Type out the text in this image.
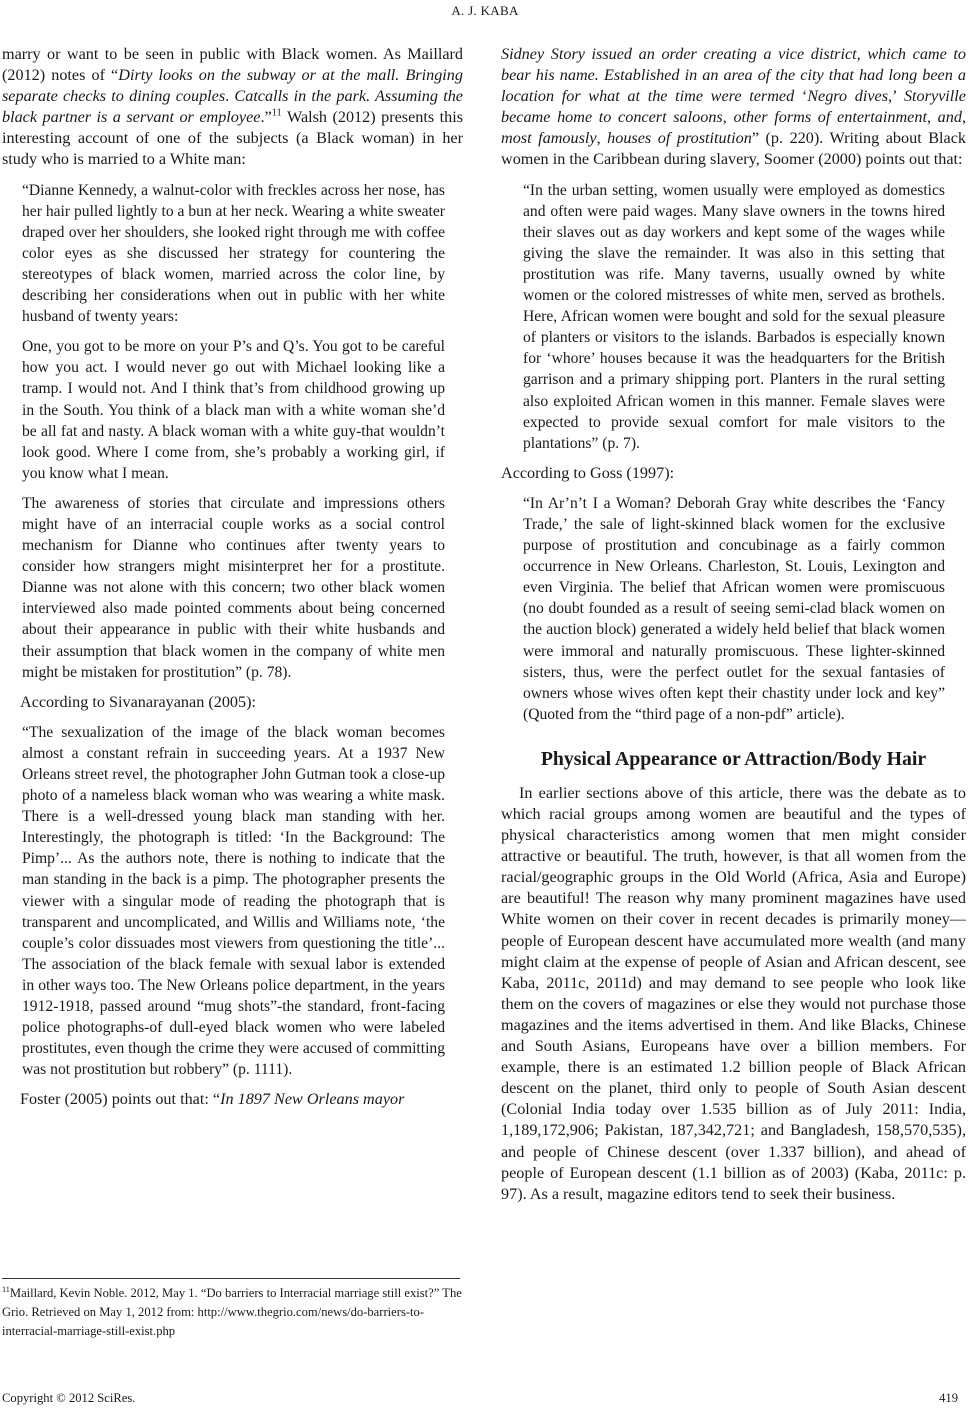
A. J. KABA

marry or want to be seen in public with Black women. As Maillard (2012) notes of “Dirty looks on the subway or at the mall. Bringing separate checks to dining couples. Catcalls in the park. Assuming the black partner is a servant or employee.”$^{11}$ Walsh (2012) presents this interesting account of one of the subjects (a Black woman) in her study who is married to a White man:

“Dianne Kennedy, a walnut-color with freckles across her nose, has her hair pulled lightly to a bun at her neck. Wearing a white sweater draped over her shoulders, she looked right through me with coffee color eyes as she discussed her strategy for countering the stereotypes of black women, married across the color line, by describing her considerations when out in public with her white husband of twenty years:

One, you got to be more on your P’s and Q’s. You got to be careful how you act. I would never go out with Michael looking like a tramp. I would not. And I think that’s from childhood growing up in the South. You think of a black man with a white woman she’d be all fat and nasty. A black woman with a white guy-that wouldn’t look good. Where I come from, she’s probably a working girl, if you know what I mean.

The awareness of stories that circulate and impressions others might have of an interracial couple works as a social control mechanism for Dianne who continues after twenty years to consider how strangers might misinterpret her for a prostitute. Dianne was not alone with this concern; two other black women interviewed also made pointed comments about being concerned about their appearance in public with their white husbands and their assumption that black women in the company of white men might be mistaken for prostitution” (p. 78).

According to Sivanarayanan (2005):

“The sexualization of the image of the black woman becomes almost a constant refrain in succeeding years. At a 1937 New Orleans street revel, the photographer John Gutman took a close-up photo of a nameless black woman who was wearing a white mask. There is a well-dressed young black man standing with her. Interestingly, the photograph is titled: ‘In the Background: The Pimp’... As the authors note, there is nothing to indicate that the man standing in the back is a pimp. The photographer presents the viewer with a singular mode of reading the photograph that is transparent and uncomplicated, and Willis and Williams note, ‘the couple’s color dissuades most viewers from questioning the title’... The association of the black female with sexual labor is extended in other ways too. The New Orleans police department, in the years 1912-1918, passed around “mug shots”-the standard, front-facing police photographs-of dull-eyed black women who were labeled prostitutes, even though the crime they were accused of committing was not prostitution but robbery” (p. 1111).

Foster (2005) points out that: “In 1897 New Orleans mayor

Sidney Story issued an order creating a vice district, which came to bear his name. Established in an area of the city that had long been a location for what at the time were termed ‘Negro dives,’ Storyville became home to concert saloons, other forms of entertainment, and, most famously, houses of prostitution” (p. 220). Writing about Black women in the Caribbean during slavery, Soomer (2000) points out that:

“In the urban setting, women usually were employed as domestics and often were paid wages. Many slave owners in the towns hired their slaves out as day workers and kept some of the wages while giving the slave the remainder. It was also in this setting that prostitution was rife. Many taverns, usually owned by white women or the colored mistresses of white men, served as brothels. Here, African women were bought and sold for the sexual pleasure of planters or visitors to the islands. Barbados is especially known for ‘whore’ houses because it was the headquarters for the British garrison and a primary shipping port. Planters in the rural setting also exploited African women in this manner. Female slaves were expected to provide sexual comfort for male visitors to the plantations” (p. 7).

According to Goss (1997):

“In Ar’n’t I a Woman? Deborah Gray white describes the ‘Fancy Trade,’ the sale of light-skinned black women for the exclusive purpose of prostitution and concubinage as a fairly common occurrence in New Orleans. Charleston, St. Louis, Lexington and even Virginia. The belief that African women were promiscuous (no doubt founded as a result of seeing semi-clad black women on the auction block) generated a widely held belief that black women were immoral and naturally promiscuous. These lighter-skinned sisters, thus, were the perfect outlet for the sexual fantasies of owners whose wives often kept their chastity under lock and key” (Quoted from the “third page of a non-pdf” article).

Physical Appearance or Attraction/Body Hair

In earlier sections above of this article, there was the debate as to which racial groups among women are beautiful and the types of physical characteristics among women that men might consider attractive or beautiful. The truth, however, is that all women from the racial/geographic groups in the Old World (Africa, Asia and Europe) are beautiful! The reason why many prominent magazines have used White women on their cover in recent decades is primarily money—people of European descent have accumulated more wealth (and many might claim at the expense of people of Asian and African descent, see Kaba, 2011c, 2011d) and may demand to see people who look like them on the covers of magazines or else they would not purchase those magazines and the items advertised in them. And like Blacks, Chinese and South Asians, Europeans have over a billion members. For example, there is an estimated 1.2 billion people of Black African descent on the planet, third only to people of South Asian descent (Colonial India today over 1.535 billion as of July 2011: India, 1,189,172,906; Pakistan, 187,342,721; and Bangladesh, 158,570,535), and people of Chinese descent (over 1.337 billion), and ahead of people of European descent (1.1 billion as of 2003) (Kaba, 2011c: p. 97). As a result, magazine editors tend to seek their business.

$^{11}$Maillard, Kevin Noble. 2012, May 1. “Do barriers to Interracial marriage still exist?” The Grio. Retrieved on May 1, 2012 from: http://www.thegrio.com/news/do-barriers-to-interracial-marriage-still-exist.php
Copyright © 2012 SciRes.	419
